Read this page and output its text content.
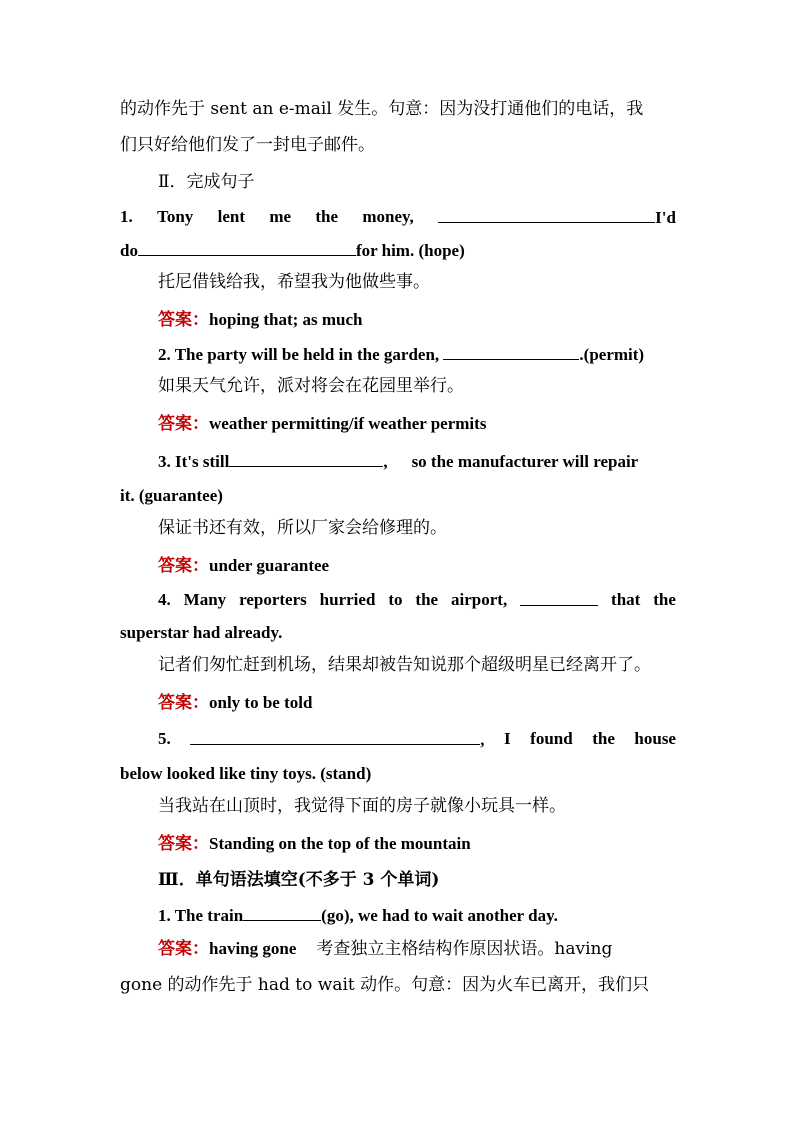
的动作先于 sent an e-mail 发生。句意：因为没打通他们的电话，我
们只好给他们发了一封电子邮件。
Ⅱ．完成句子
1. Tony lent me the money,	I'd
do	for him. (hope)
托尼借钱给我，希望我为他做些事。
答案：hoping that; as much
2. The party will be held in the garden,	.(permit)
如果天气允许，派对将会在花园里举行。
答案：weather permitting/if weather permits
3. It's still	, so the manufacturer will repair
it. (guarantee)
保证书还有效，所以厂家会给修理的。
答案：under guarantee
4. Many reporters hurried to the airport,	that the
superstar had already.
记者们匆忙赶到机场，结果却被告知说那个超级明星已经离开了。
答案：only to be told
5.	, I found the house
below looked like tiny toys. (stand)
当我站在山顶时，我觉得下面的房子就像小玩具一样。
答案：Standing on the top of the mountain
Ⅲ．单句语法填空(不多于 3 个单词)
1. The train	(go), we had to wait another day.
答案：having gone 考查独立主格结构作原因状语。having
gone 的动作先于 had to wait 动作。句意：因为火车已离开，我们只
